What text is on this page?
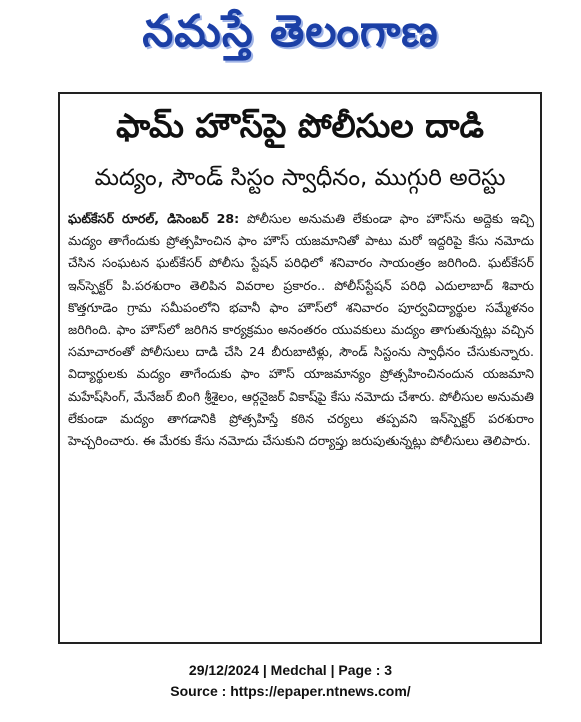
నమస్తే తెలంగాణ
ఫామ్ హౌస్‌పై పోలీసుల దాడి
మద్యం, సౌండ్ సిస్టం స్వాధీనం, ముగ్గురి అరెస్టు
ఘట్‌కేసర్ రూరల్, డిసెంబర్ 28: పోలీసుల అనుమతి లేకుండా ఫాం హౌస్‌ను అద్దెకు ఇచ్చి మద్యం తాగేందుకు ప్రోత్సహించిన ఫాం హౌస్ యజమానితో పాటు మరో ఇద్దరిపై కేసు నమోదు చేసిన సంఘటన ఘట్‌కేసర్ పోలీసు స్టేషన్ పరిధిలో శనివారం సాయంత్రం జరిగింది. ఘట్‌కేసర్ ఇన్‌స్పెక్టర్ పి.పరశురాం తెలిపిన వివరాల ప్రకారం.. పోలీస్‌స్టేషన్ పరిధి ఎదులాబాద్ శివారు కొత్తగూడెం గ్రామ సమీపంలోని భవానీ ఫాం హౌస్‌లో శనివారం పూర్వవిద్యార్థుల సమ్మేళనం జరిగింది. ఫాం హౌస్‌లో జరిగిన కార్యక్రమం అనంతరం యువకులు మద్యం తాగుతున్నట్లు వచ్చిన సమాచారంతో పోలీసులు దాడి చేసి 24 బీరుబాటిళ్లు, సౌండ్ సిస్టంను స్వాధీనం చేసుకున్నారు. విద్యార్థులకు మద్యం తాగేందుకు ఫాం హౌస్ యాజమాన్యం ప్రోత్సహించినందున యజమాని మహేష్‌సింగ్, మేనేజర్ బింగి శ్రీశైలం, ఆర్గనైజర్ వికాష్‌పై కేసు నమోదు చేశారు. పోలీసుల అనుమతి లేకుండా మద్యం తాగడానికి ప్రోత్సహిస్తే కఠిన చర్యలు తప్పవని ఇన్‌స్పెక్టర్ పరశురాం హెచ్చరించారు. ఈ మేరకు కేసు నమోదు చేసుకుని దర్యాప్తు జరుపుతున్నట్లు పోలీసులు తెలిపారు.
29/12/2024 | Medchal | Page : 3
Source : https://epaper.ntnews.com/
